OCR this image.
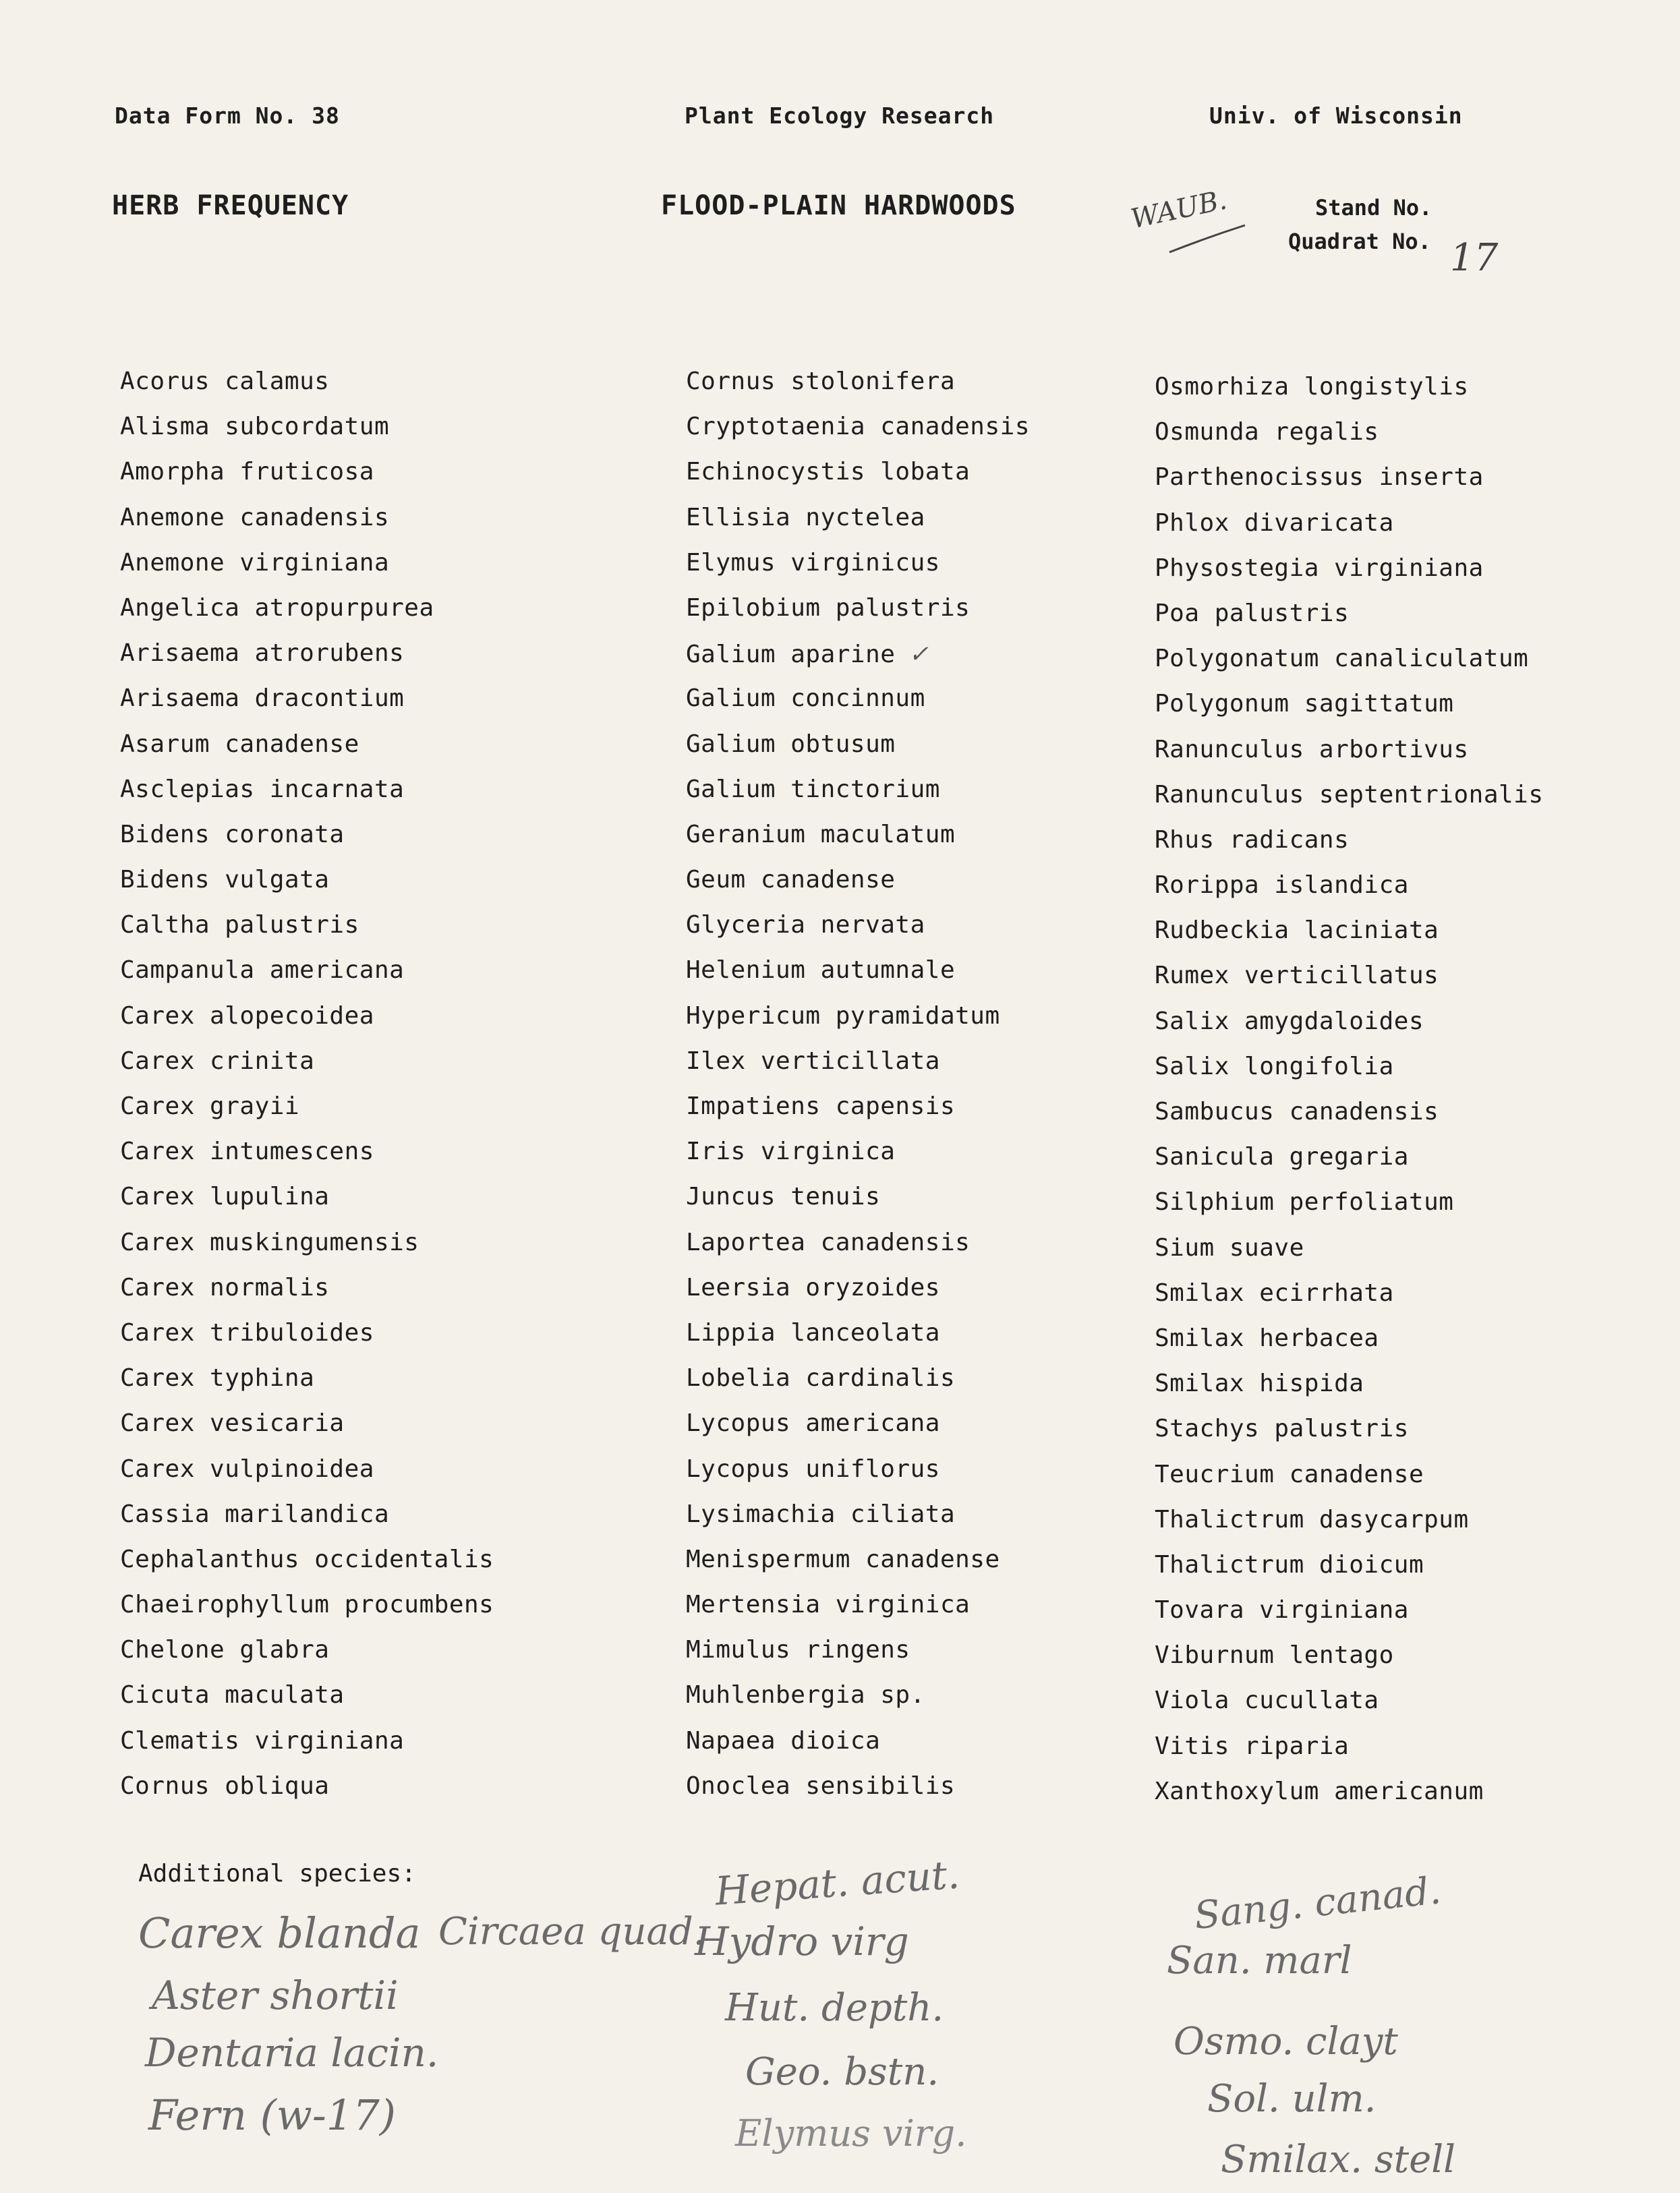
Data Form No. 38	Plant Ecology Research	Univ. of Wisconsin
HERB FREQUENCY	FLOOD-PLAIN HARDWOODS	WAUB.	Stand No.
Quadrat No. 17
Acorus calamus
Alisma subcordatum
Amorpha fruticosa
Anemone canadensis
Anemone virginiana
Angelica atropurpurea
Arisaema atrorubens
Arisaema dracontium
Asarum canadense
Asclepias incarnata
Bidens coronata
Bidens vulgata
Caltha palustris
Campanula americana
Carex alopecoidea
Carex crinita
Carex grayii
Carex intumescens
Carex lupulina
Carex muskingumensis
Carex normalis
Carex tribuloides
Carex typhina
Carex vesicaria
Carex vulpinoidea
Cassia marilandica
Cephalanthus occidentalis
Chaeirophyllum procumbens
Chelone glabra
Cicuta maculata
Clematis virginiana
Cornus obliqua
Cornus stolonifera
Cryptotaenia canadensis
Echinocystis lobata
Ellisia nyctelea
Elymus virginicus
Epilobium palustris
Galium aparine ✓
Galium concinnum
Galium obtusum
Galium tinctorium
Geranium maculatum
Geum canadense
Glyceria nervata
Helenium autumnale
Hypericum pyramidatum
Ilex verticillata
Impatiens capensis
Iris virginica
Juncus tenuis
Laportea canadensis
Leersia oryzoides
Lippia lanceolata
Lobelia cardinalis
Lycopus americana
Lycopus uniflorus
Lysimachia ciliata
Menispermum canadense
Mertensia virginica
Mimulus ringens
Muhlenbergia sp.
Napaea dioica
Onoclea sensibilis
Osmorhiza longistylis
Osmunda regalis
Parthenocissus inserta
Phlox divaricata
Physostegia virginiana
Poa palustris
Polygonatum canaliculatum
Polygonum sagittatum
Ranunculus arbortivus
Ranunculus septentrionalis
Rhus radicans
Rorippa islandica
Rudbeckia laciniata
Rumex verticillatus
Salix amygdaloides
Salix longifolia
Sambucus canadensis
Sanicula gregaria
Silphium perfoliatum
Sium suave
Smilax ecirrhata
Smilax herbacea
Smilax hispida
Stachys palustris
Teucrium canadense
Thalictrum dasycarpum
Thalictrum dioicum
Tovara virginiana
Viburnum lentago
Viola cucullata
Vitis riparia
Xanthoxylum americanum
Additional species:
Carex blanda Circaea quad.
Aster shortii
Dentaria lacin.
Fern (w-17)
Hepat. acut.
Hydro virg
Hut. depth.
Geo. bstn.
Elymus virg.
Sang. canad.
San. marl
Osmo. clayt
Sol. ulm.
Smilax. stell
